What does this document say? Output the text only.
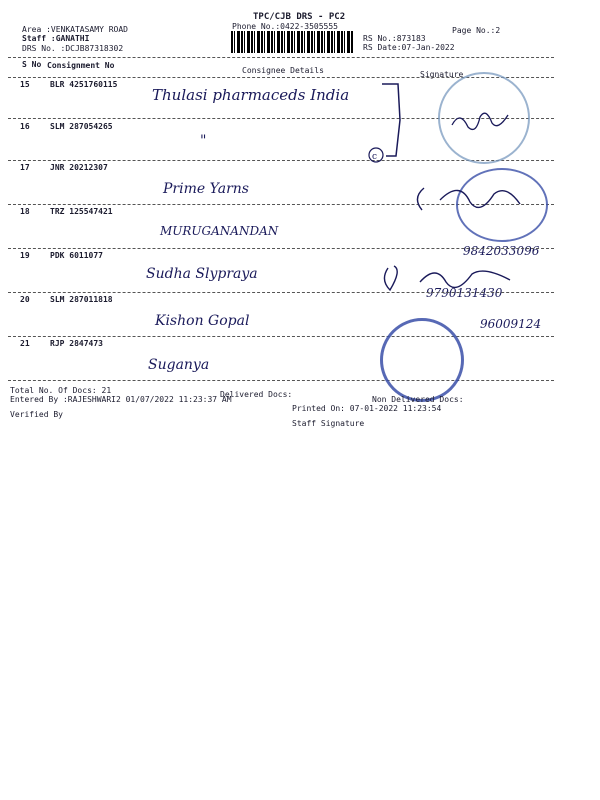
Area :VENKATASAMY ROAD
Staff :GANATHI
DRS No. :DCJB87318302
TPC/CJB DRS - PC2
Phone No.:0422-3505555	Page No.:2
RS No.:873183
RS Date:07-Jan-2022
S No Consignment No
Consignee Details	Signature
15	BLR 4251760115
Thulasi pharmaceds India
16	SLM 287054265
"
17	JNR 20212307
Prime Yarns
18	TRZ 125547421
MURUGANANDAN
9842033096
19	PDK 6011077
Sudha Slypraya
9790131430
20	SLM 287011818
Kishon Gopal	96009124
21	RJP 2847473
Suganya
c
Total No. Of Docs: 21	Delivered Docs:
Non Delivered Docs:
Entered By :RAJESHWARI2 01/07/2022 11:23:37 AM
Printed On: 07-01-2022 11:23:54
Verified By
Staff Signature
